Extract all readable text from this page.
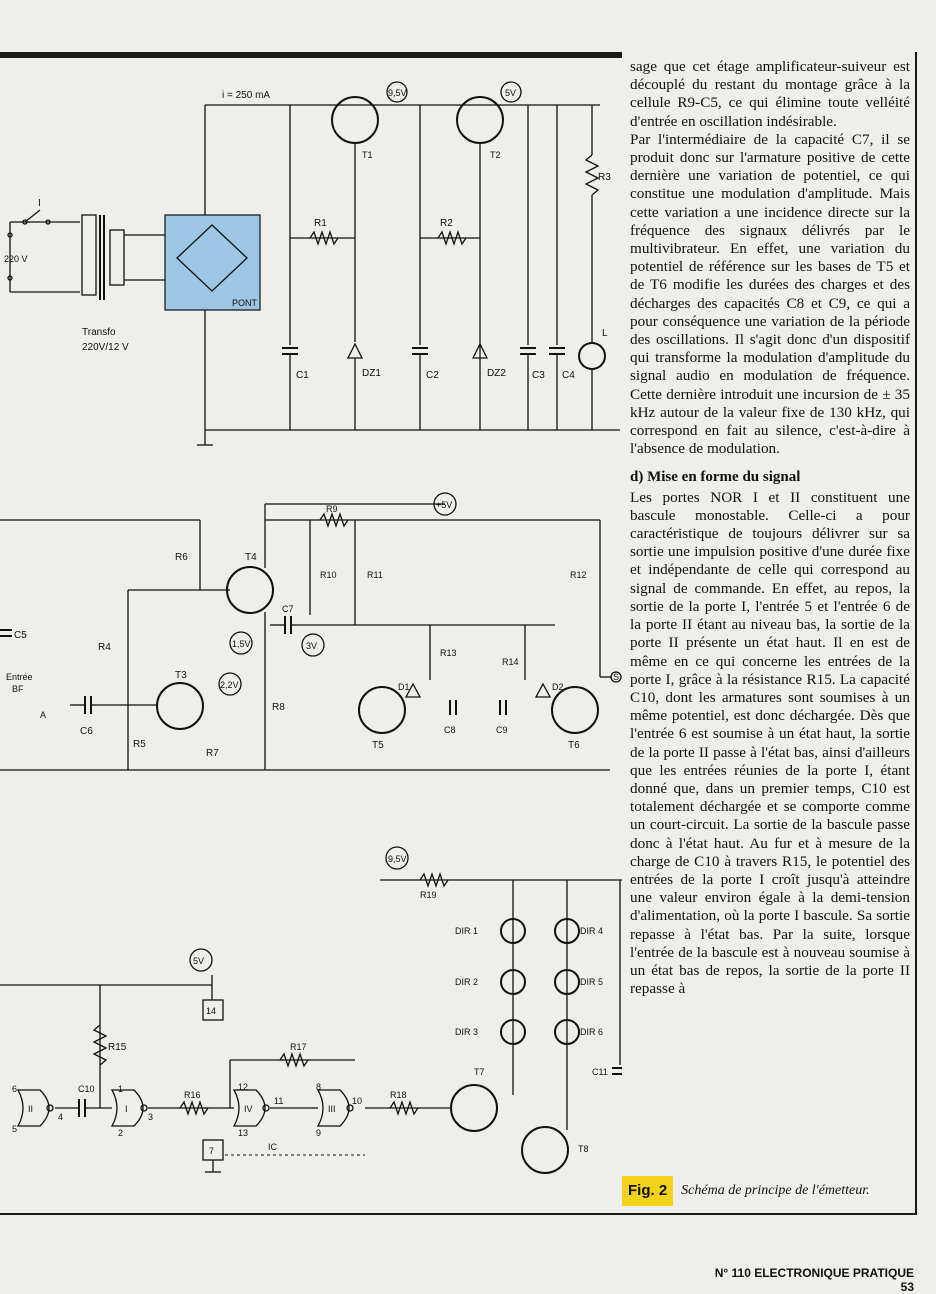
i = 250 mA
220 V
I
Transfo
220V/12 V
PONT
T1
9,5V
T2
5V
C1
R1
DZ1	C2
R2
DZ2	C3 C4
R3
L
R9	+5V
R6	T4
R8
1,5V
C7
3V
R10	R11	R12
R13
R14
R4
R5
T3
2,2V
R7
C5
Entrée
BF
A
C6
T5	T6
D1	D2
C8	C9
S
9,5V
R19
DIR 1
DIR 2
DIR 3
DIR 4
DIR 5
DIR 6
C11
T7
T8
R18
5V
14
R15
II
6
5
4
C10
I
1
2
3
R16
R17
IV
12
13
11
III
8
9
10
7	IC

sage que cet étage amplificateur-suiveur est découplé du restant du montage grâce à la cellule R9-C5, ce qui élimine toute velléité d'entrée en oscillation indésirable.

Par l'intermédiaire de la capacité C7, il se produit donc sur l'armature positive de cette dernière une variation de potentiel, ce qui constitue une modulation d'amplitude. Mais cette variation a une incidence directe sur la fréquence des signaux délivrés par le multivibrateur. En effet, une variation du potentiel de référence sur les bases de T5 et de T6 modifie les durées des charges et des décharges des capacités C8 et C9, ce qui a pour conséquence une variation de la période des oscillations. Il s'agit donc d'un dispositif qui transforme la modulation d'amplitude du signal audio en modulation de fréquence. Cette dernière introduit une incursion de ± 35 kHz autour de la valeur fixe de 130 kHz, qui correspond en fait au silence, c'est-à-dire à l'absence de modulation.

d) Mise en forme du signal

Les portes NOR I et II constituent une bascule monostable. Celle-ci a pour caractéristique de toujours délivrer sur sa sortie une impulsion positive d'une durée fixe et indépendante de celle qui correspond au signal de commande. En effet, au repos, la sortie de la porte I, l'entrée 5 et l'entrée 6 de la porte II étant au niveau bas, la sortie de la porte II présente un état haut. Il en est de même en ce qui concerne les entrées de la porte I, grâce à la résistance R15. La capacité C10, dont les armatures sont soumises à un même potentiel, est donc déchargée. Dès que l'entrée 6 est soumise à un état haut, la sortie de la porte II passe à l'état bas, ainsi d'ailleurs que les entrées réunies de la porte I, étant donné que, dans un premier temps, C10 est totalement déchargée et se comporte comme un court-circuit. La sortie de la bascule passe donc à l'état haut. Au fur et à mesure de la charge de C10 à travers R15, le potentiel des entrées de la porte I croît jusqu'à atteindre une valeur environ égale à la demi-tension d'alimentation, où la porte I bascule. Sa sortie repasse à l'état bas. Par la suite, lorsque l'entrée de la bascule est à nouveau soumise à un état bas de repos, la sortie de la porte II repasse à

Fig. 2	Schéma de principe de l'émetteur.
N° 110 ELECTRONIQUE PRATIQUE 53
